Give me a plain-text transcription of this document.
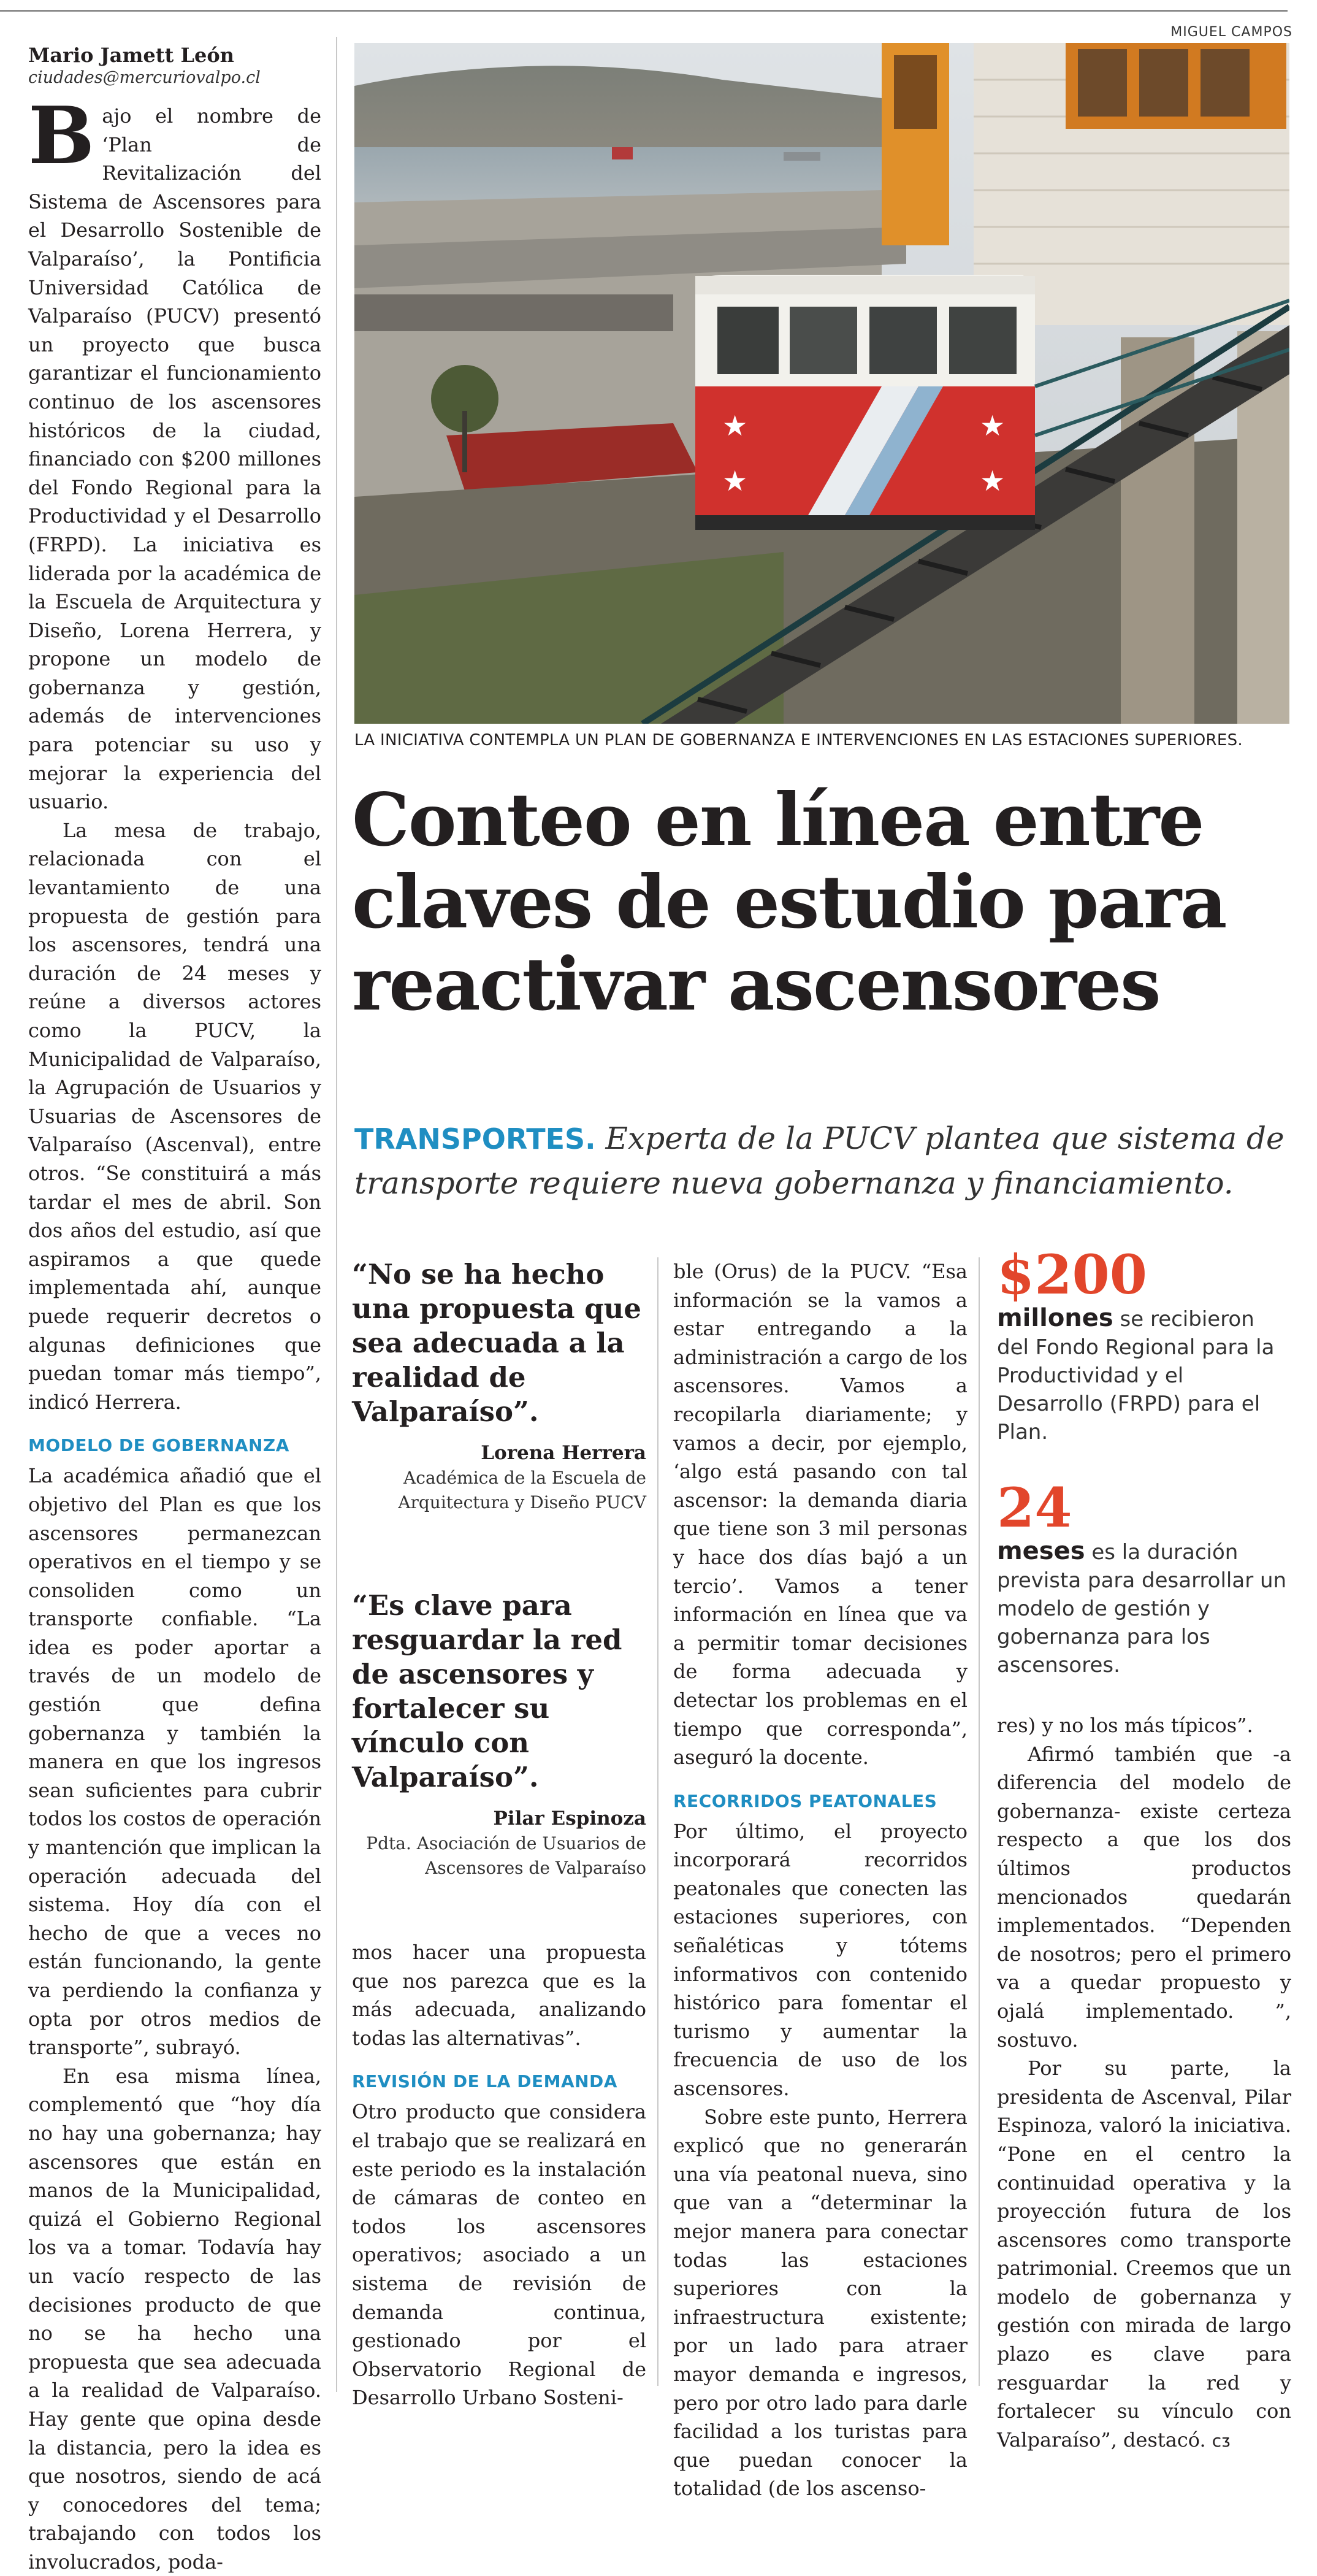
MIGUEL CAMPOS
Mario Jamett León
ciudades@mercuriovalpo.cl

Bajo el nombre de ‘Plan de Revitalización del Sistema de Ascensores para el Desarrollo Sostenible de Valparaíso’, la Pontificia Universidad Católica de Valparaíso (PUCV) presentó un proyecto que busca garantizar el funcionamiento continuo de los ascensores históricos de la ciudad, financiado con $200 millones del Fondo Regional para la Productividad y el Desarrollo (FRPD). La iniciativa es liderada por la académica de la Escuela de Arquitectura y Diseño, Lorena Herrera, y propone un modelo de gobernanza y gestión, además de intervenciones para potenciar su uso y mejorar la experiencia del usuario.

La mesa de trabajo, relacionada con el levantamiento de una propuesta de gestión para los ascensores, tendrá una duración de 24 meses y reúne a diversos actores como la PUCV, la Municipalidad de Valparaíso, la Agrupación de Usuarios y Usuarias de Ascensores de Valparaíso (Ascenval), entre otros. “Se constituirá a más tardar el mes de abril. Son dos años del estudio, así que aspiramos a que quede implementada ahí, aunque puede requerir decretos o algunas definiciones que puedan tomar más tiempo”, indicó Herrera.

MODELO DE GOBERNANZA

La académica añadió que el objetivo del Plan es que los ascensores permanezcan operativos en el tiempo y se consoliden como un transporte confiable. “La idea es poder aportar a través de un modelo de gestión que defina gobernanza y también la manera en que los ingresos sean suficientes para cubrir todos los costos de operación y mantención que implican la operación adecuada del sistema. Hoy día con el hecho de que a veces no están funcionando, la gente va perdiendo la confianza y opta por otros medios de transporte”, subrayó.

En esa misma línea, complementó que “hoy día no hay una gobernanza; hay ascensores que están en manos de la Municipalidad, quizá el Gobierno Regional los va a tomar. Todavía hay un vacío respecto de las decisiones producto de que no se ha hecho una propuesta que sea adecuada a la realidad de Valparaíso. Hay gente que opina desde la distancia, pero la idea es que nosotros, siendo de acá y conocedores del tema; trabajando con todos los involucrados, poda-

★
★
★
★
LA INICIATIVA CONTEMPLA UN PLAN DE GOBERNANZA E INTERVENCIONES EN LAS ESTACIONES SUPERIORES.
Conteo en línea entre claves de estudio para reactivar ascensores
TRANSPORTES. Experta de la PUCV plantea que sistema de transporte requiere nueva gobernanza y financiamiento.
“No se ha hecho una propuesta que sea adecuada a la realidad de Valparaíso”.
Lorena Herrera
Académica de la Escuela de Arquitectura y Diseño PUCV
“Es clave para resguardar la red de ascensores y fortalecer su vínculo con Valparaíso”.
Pilar Espinoza
Pdta. Asociación de Usuarios de Ascensores de Valparaíso

mos hacer una propuesta que nos parezca que es la más adecuada, analizando todas las alternativas”.

REVISIÓN DE LA DEMANDA

Otro producto que considera el trabajo que se realizará en este periodo es la instalación de cámaras de conteo en todos los ascensores operativos; asociado a un sistema de revisión de demanda continua, gestionado por el Observatorio Regional de Desarrollo Urbano Sosteni-

ble (Orus) de la PUCV. “Esa información se la vamos a estar entregando a la administración a cargo de los ascensores. Vamos a recopilarla diariamente; y vamos a decir, por ejemplo, ‘algo está pasando con tal ascensor: la demanda diaria que tiene son 3 mil personas y hace dos días bajó a un tercio’. Vamos a tener información en línea que va a permitir tomar decisiones de forma adecuada y detectar los problemas en el tiempo que corresponda”, aseguró la docente.

RECORRIDOS PEATONALES

Por último, el proyecto incorporará recorridos peatonales que conecten las estaciones superiores, con señaléticas y tótems informativos con contenido histórico para fomentar el turismo y aumentar la frecuencia de uso de los ascensores.

Sobre este punto, Herrera explicó que no generarán una vía peatonal nueva, sino que van a “determinar la mejor manera para conectar todas las estaciones superiores con la infraestructura existente; por un lado para atraer mayor demanda e ingresos, pero por otro lado para darle facilidad a los turistas para que puedan conocer la totalidad (de los ascenso-

$200
millones se recibieron del Fondo Regional para la Productividad y el Desarrollo (FRPD) para el Plan.
24
meses es la duración prevista para desarrollar un modelo de gestión y gobernanza para los ascensores.

res) y no los más típicos”.

Afirmó también que -a diferencia del modelo de gobernanza- existe certeza respecto a que los dos últimos productos mencionados quedarán implementados. “Dependen de nosotros; pero el primero va a quedar propuesto y ojalá implementado. ”, sostuvo.

Por su parte, la presidenta de Ascenval, Pilar Espinoza, valoró la iniciativa. “Pone en el centro la continuidad operativa y la proyección futura de los ascensores como transporte patrimonial. Creemos que un modelo de gobernanza y gestión con mirada de largo plazo es clave para resguardar la red y fortalecer su vínculo con Valparaíso”, destacó. ᴄᴣ
